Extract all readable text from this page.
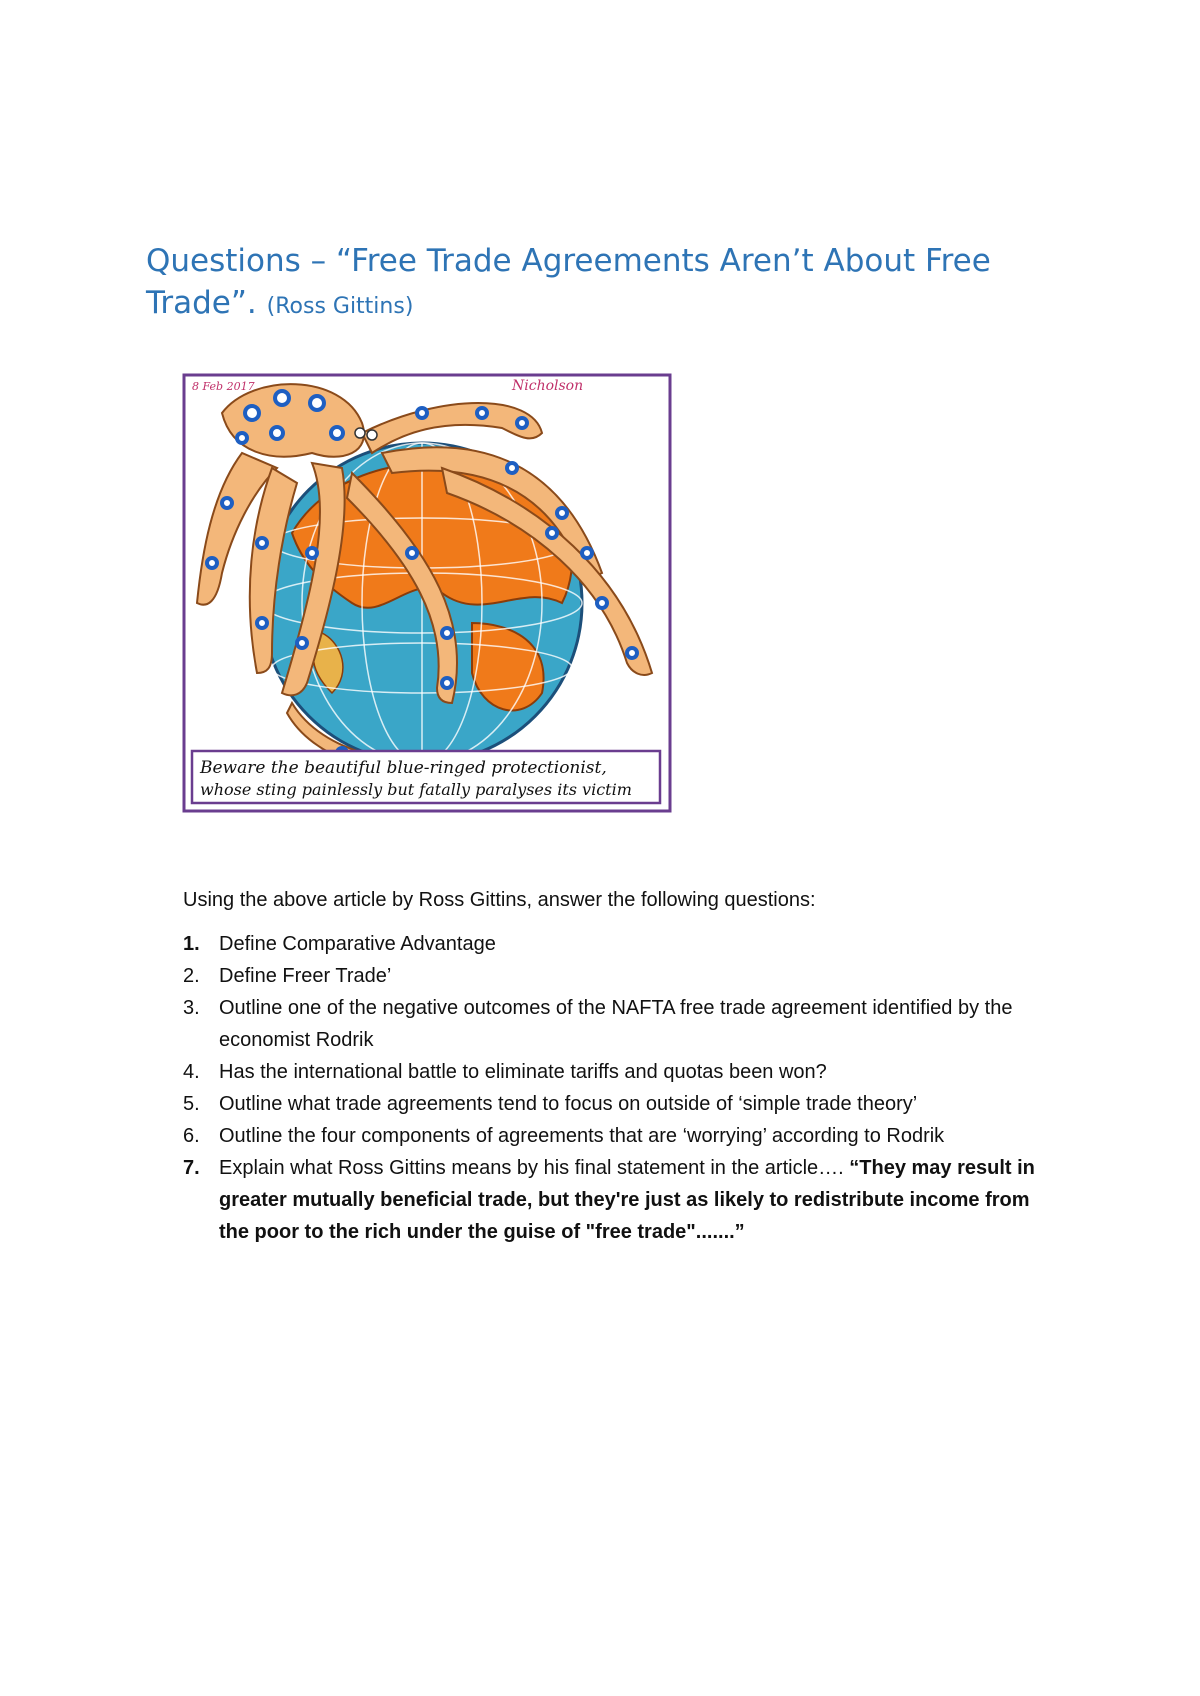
Questions – “Free Trade Agreements Aren’t About Free Trade”. (Ross Gittins)
8 Feb 2017	Nicholson
Beware the beautiful blue-ringed protectionist,
whose sting painlessly but fatally paralyses its victim

Using the above article by Ross Gittins, answer the following questions:

1. Define Comparative Advantage
2. Define Freer Trade’
3. Outline one of the negative outcomes of the NAFTA free trade agreement identified by the economist Rodrik
4. Has the international battle to eliminate tariffs and quotas been won?
5. Outline what trade agreements tend to focus on outside of ‘simple trade theory’
6. Outline the four components of agreements that are ‘worrying’ according to Rodrik
7. Explain what Ross Gittins means by his final statement in the article…. “They may result in greater mutually beneficial trade, but they're just as likely to redistribute income from the poor to the rich under the guise of "free trade".......”
